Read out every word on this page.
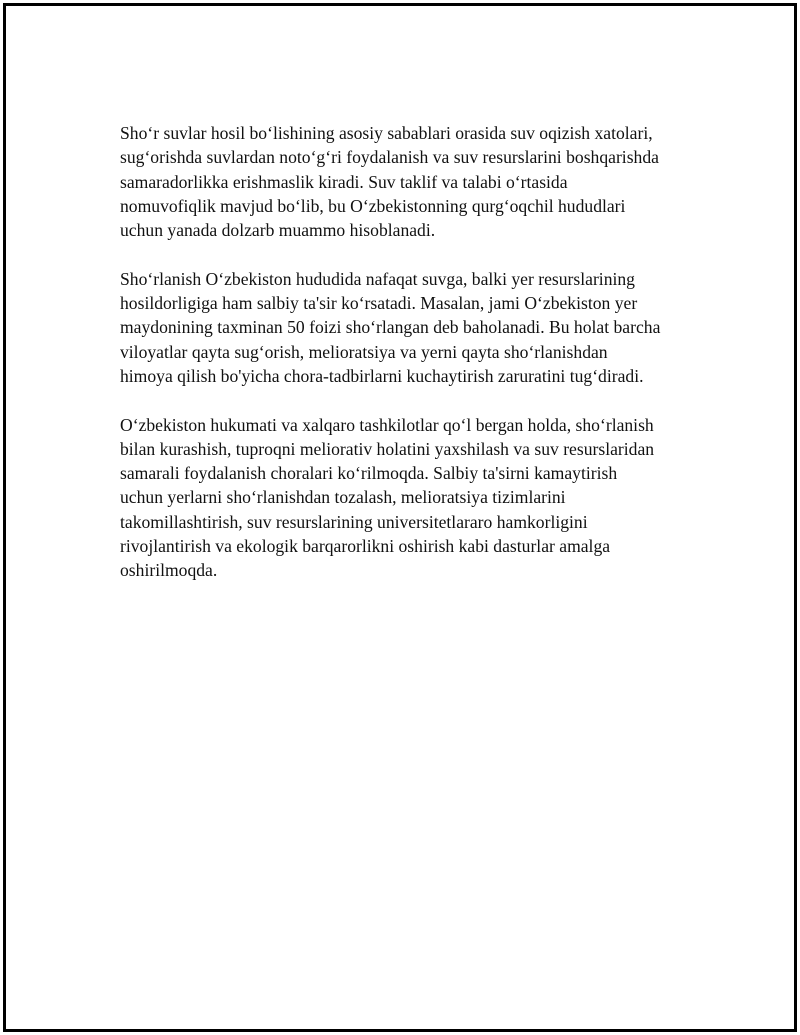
Sho‘r suvlar hosil bo‘lishining asosiy sabablari orasida suv oqizish xatolari,
sug‘orishda suvlardan noto‘g‘ri foydalanish va suv resurslarini boshqarishda
samaradorlikka erishmaslik kiradi. Suv taklif va talabi o‘rtasida
nomuvofiqlik mavjud bo‘lib, bu O‘zbekistonning qurg‘oqchil hududlari
uchun yanada dolzarb muammo hisoblanadi.

Sho‘rlanish O‘zbekiston hududida nafaqat suvga, balki yer resurslarining
hosildorligiga ham salbiy ta'sir ko‘rsatadi. Masalan, jami O‘zbekiston yer
maydonining taxminan 50 foizi sho‘rlangan deb baholanadi. Bu holat barcha
viloyatlar qayta sug‘orish, melioratsiya va yerni qayta sho‘rlanishdan
himoya qilish bo'yicha chora-tadbirlarni kuchaytirish zaruratini tug‘diradi.

O‘zbekiston hukumati va xalqaro tashkilotlar qo‘l bergan holda, sho‘rlanish
bilan kurashish, tuproqni meliorativ holatini yaxshilash va suv resurslaridan
samarali foydalanish choralari ko‘rilmoqda. Salbiy ta'sirni kamaytirish
uchun yerlarni sho‘rlanishdan tozalash, melioratsiya tizimlarini
takomillashtirish, suv resurslarining universitetlararo hamkorligini
rivojlantirish va ekologik barqarorlikni oshirish kabi dasturlar amalga
oshirilmoqda.
